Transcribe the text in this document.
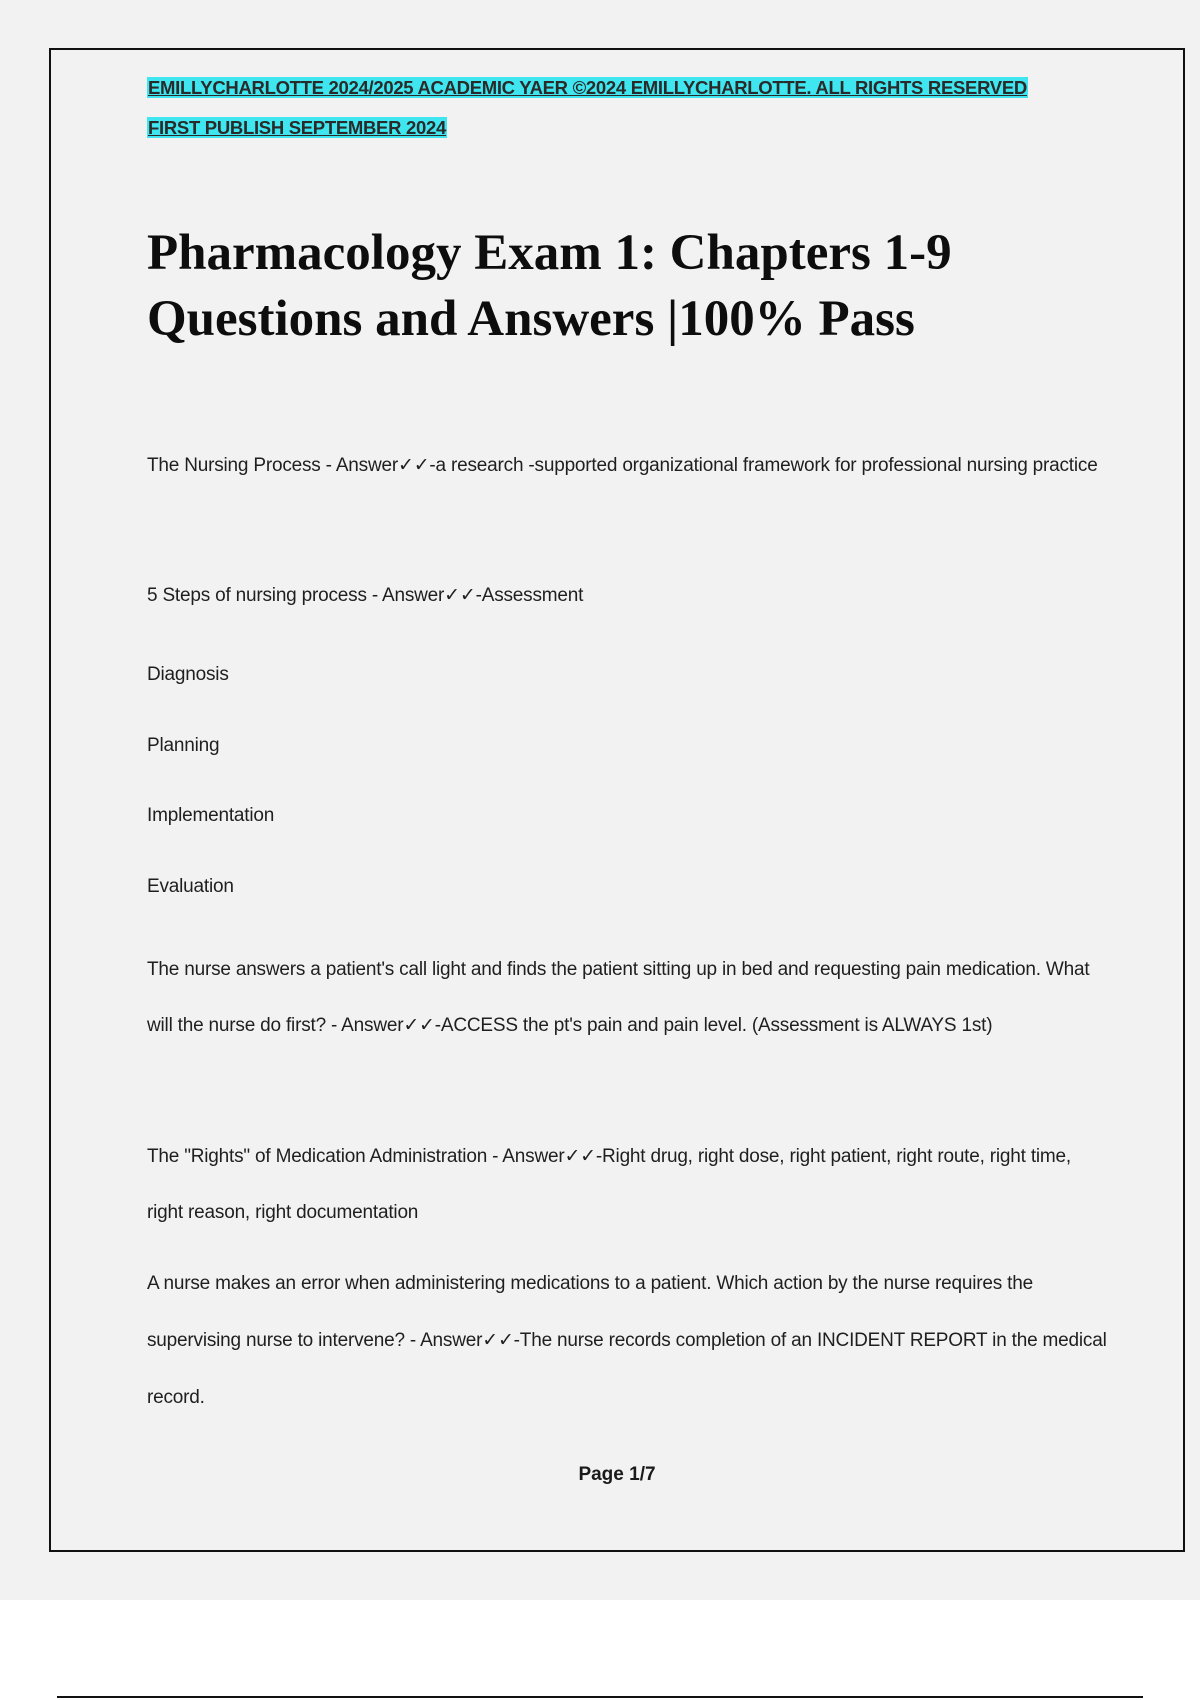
EMILLYCHARLOTTE 2024/2025 ACADEMIC YAER ©2024 EMILLYCHARLOTTE. ALL RIGHTS RESERVED
FIRST PUBLISH SEPTEMBER 2024
Pharmacology Exam 1: Chapters 1-9 Questions and Answers |100% Pass

The Nursing Process - Answer✓✓-a research -supported organizational framework for professional nursing practice

5 Steps of nursing process - Answer✓✓-Assessment

Diagnosis
Planning
Implementation
Evaluation

The nurse answers a patient's call light and finds the patient sitting up in bed and requesting pain medication. What will the nurse do first? - Answer✓✓-ACCESS the pt's pain and pain level. (Assessment is ALWAYS 1st)

The "Rights" of Medication Administration - Answer✓✓-Right drug, right dose, right patient, right route, right time, right reason, right documentation

A nurse makes an error when administering medications to a patient. Which action by the nurse requires the supervising nurse to intervene? - Answer✓✓-The nurse records completion of an INCIDENT REPORT in the medical record.

Page 1/7
